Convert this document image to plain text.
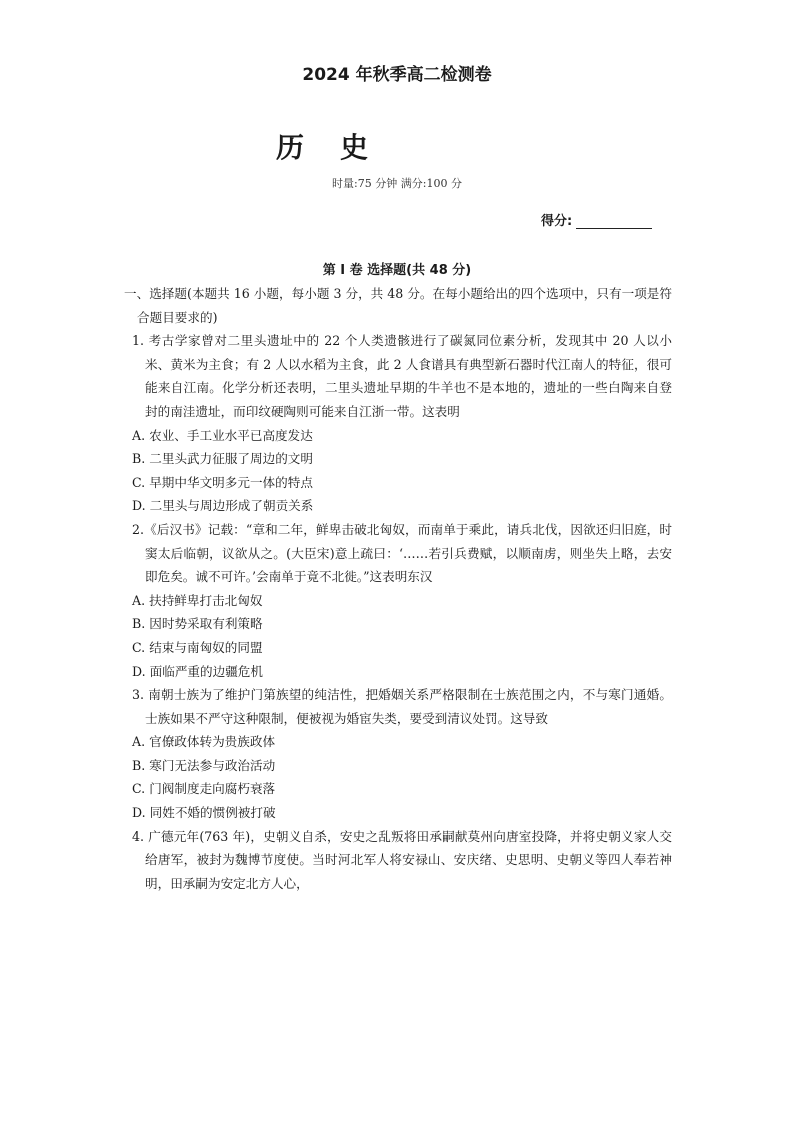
2024 年秋季高二检测卷
历史
时量:75 分钟 满分:100 分
得分:
第 I 卷 选择题(共 48 分)

一、选择题(本题共 16 小题，每小题 3 分，共 48 分。在每小题给出的四个选项中，只有一项是符合题目要求的)

1. 考古学家曾对二里头遗址中的 22 个人类遗骸进行了碳氮同位素分析，发现其中 20 人以小米、黄米为主食；有 2 人以水稻为主食，此 2 人食谱具有典型新石器时代江南人的特征，很可能来自江南。化学分析还表明，二里头遗址早期的牛羊也不是本地的，遗址的一些白陶来自登封的南洼遗址，而印纹硬陶则可能来自江浙一带。这表明

A. 农业、手工业水平已高度发达

B. 二里头武力征服了周边的文明

C. 早期中华文明多元一体的特点

D. 二里头与周边形成了朝贡关系

2.《后汉书》记载：“章和二年，鲜卑击破北匈奴，而南单于乘此，请兵北伐，因欲还归旧庭，时窦太后临朝，议欲从之。(大臣宋)意上疏曰：‘……若引兵费赋，以顺南虏，则坐失上略，去安即危矣。诚不可许。’会南单于竟不北徙。”这表明东汉

A. 扶持鲜卑打击北匈奴

B. 因时势采取有利策略

C. 结束与南匈奴的同盟

D. 面临严重的边疆危机

3. 南朝士族为了维护门第族望的纯洁性，把婚姻关系严格限制在士族范围之内，不与寒门通婚。士族如果不严守这种限制，便被视为婚宦失类，要受到清议处罚。这导致

A. 官僚政体转为贵族政体

B. 寒门无法参与政治活动

C. 门阀制度走向腐朽衰落

D. 同姓不婚的惯例被打破

4. 广德元年(763 年)，史朝义自杀，安史之乱叛将田承嗣献莫州向唐室投降，并将史朝义家人交给唐军，被封为魏博节度使。当时河北军人将安禄山、安庆绪、史思明、史朝义等四人奉若神明，田承嗣为安定北方人心，
